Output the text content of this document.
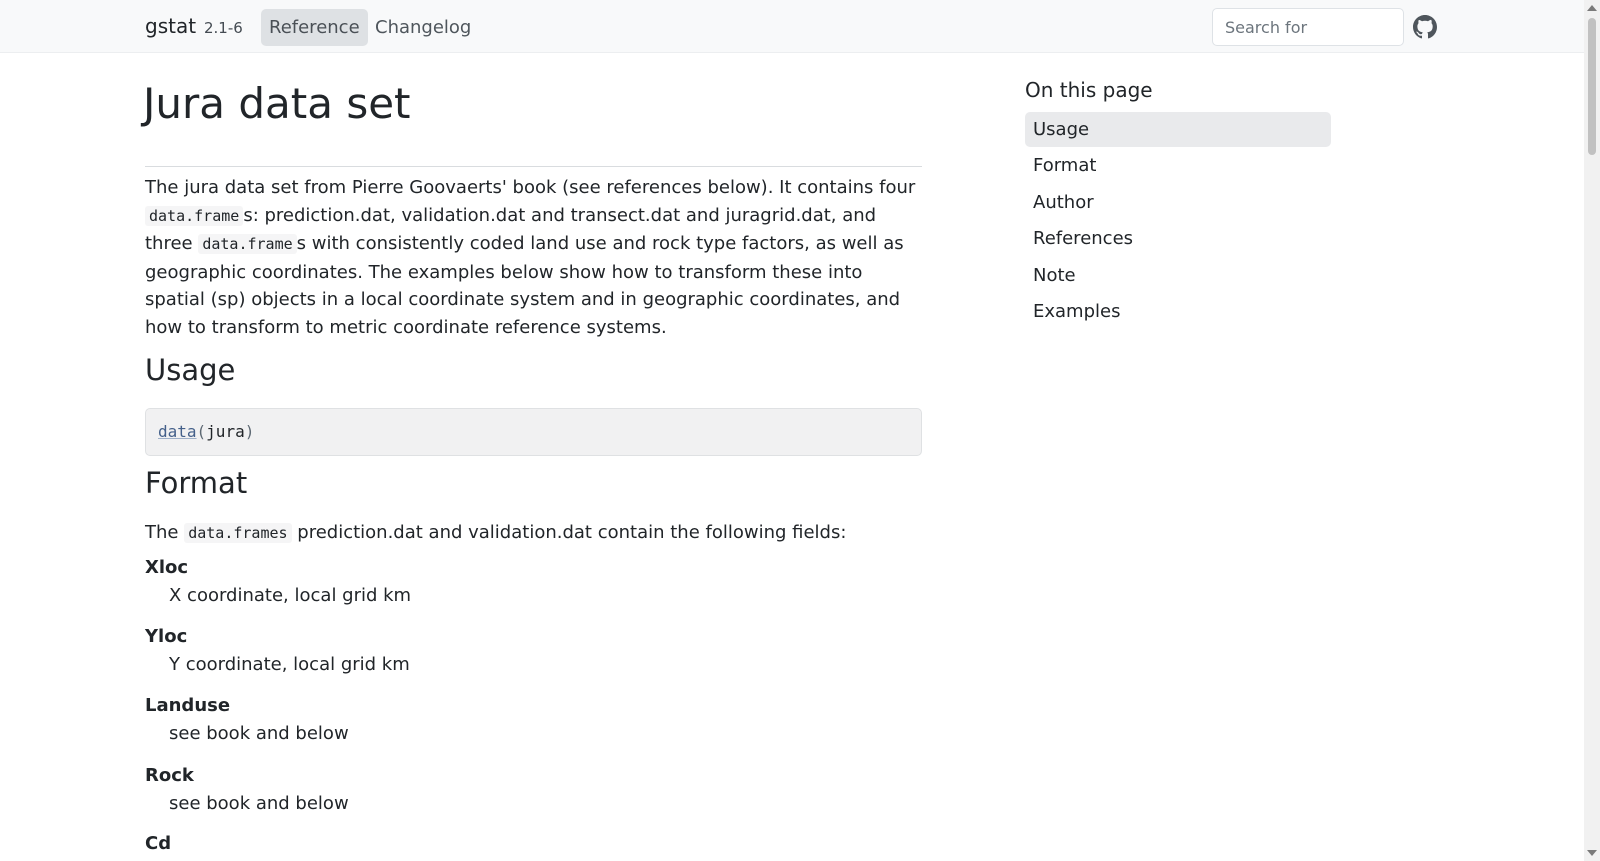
gstat 2.1-6	Reference Changelog
Search for
Jura data set

The jura data set from Pierre Goovaerts' book (see references below). It contains four data.frame s: prediction.dat, validation.dat and transect.dat and juragrid.dat, and three data.frame s with consistently coded land use and rock type factors, as well as geographic coordinates. The examples below show how to transform these into spatial (sp) objects in a local coordinate system and in geographic coordinates, and how to transform to metric coordinate reference systems.

Usage
data(jura)
Format

The data.frames prediction.dat and validation.dat contain the following fields:

Xloc
X coordinate, local grid km
Yloc
Y coordinate, local grid km
Landuse
see book and below
Rock
see book and below
Cd
On this page
Usage
Format
Author
References
Note
Examples
